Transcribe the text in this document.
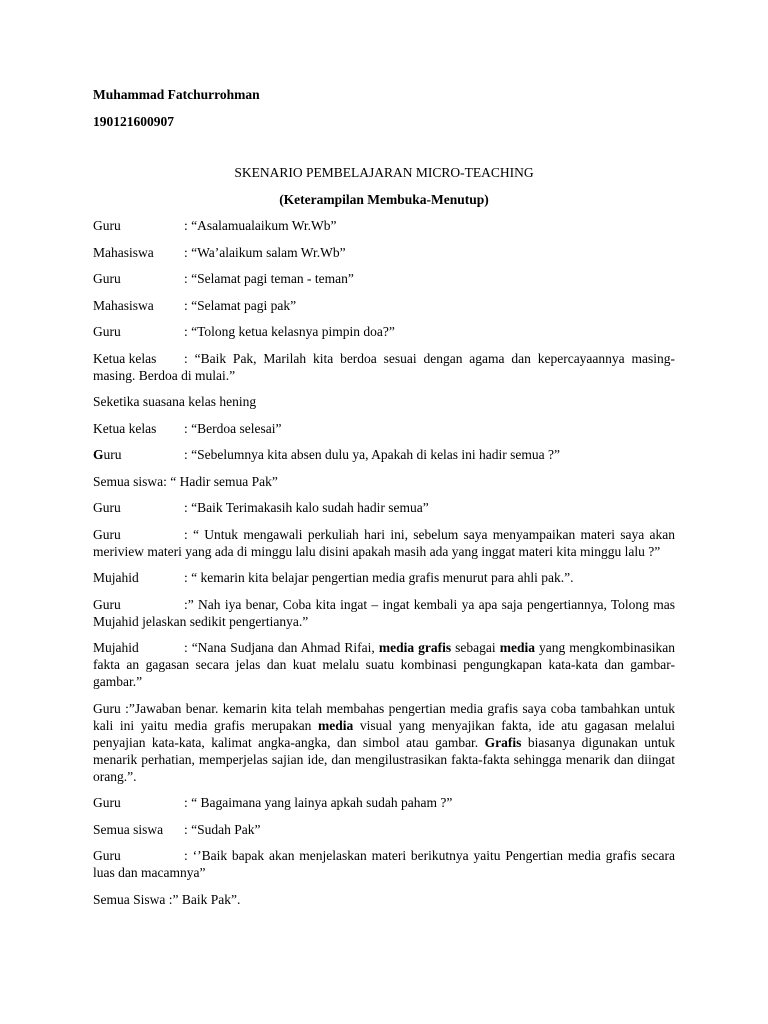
Muhammad Fatchurrohman
190121600907
SKENARIO PEMBELAJARAN MICRO-TEACHING
(Keterampilan Membuka-Menutup)
Guru	: “Asalamualaikum Wr.Wb”
Mahasiswa : “Wa’alaikum salam Wr.Wb”
Guru	: “Selamat pagi teman - teman”
Mahasiswa : “Selamat pagi pak”
Guru	: “Tolong ketua kelasnya pimpin doa?”
Ketua kelas : “Baik Pak, Marilah kita berdoa sesuai dengan agama dan kepercayaannya masing-masing. Berdoa di mulai.”
Seketika suasana kelas hening
Ketua kelas : “Berdoa selesai”
Guru	: “Sebelumnya kita absen dulu ya, Apakah di kelas ini hadir semua ?”
Semua siswa: “ Hadir semua Pak”
Guru	: “Baik Terimakasih kalo sudah hadir semua”
Guru	: “ Untuk mengawali perkuliah hari ini, sebelum saya menyampaikan materi saya akan meriview materi yang ada di minggu lalu disini apakah masih ada yang inggat materi kita minggu lalu ?”
Mujahid	: “ kemarin kita belajar pengertian media grafis menurut para ahli pak.”.
Guru	:” Nah iya benar, Coba kita ingat – ingat kembali ya apa saja pengertiannya, Tolong mas Mujahid jelaskan sedikit pengertianya.”
Mujahid	: “Nana Sudjana dan Ahmad Rifai, media grafis sebagai media yang mengkombinasikan fakta an gagasan secara jelas dan kuat melalu suatu kombinasi pengungkapan kata-kata dan gambar-gambar.”
Guru :”Jawaban benar. kemarin kita telah membahas pengertian media grafis saya coba tambahkan untuk kali ini yaitu media grafis merupakan media visual yang menyajikan fakta, ide atu gagasan melalui penyajian kata-kata, kalimat angka-angka, dan simbol atau gambar. Grafis biasanya digunakan untuk menarik perhatian, memperjelas sajian ide, dan mengilustrasikan fakta-fakta sehingga menarik dan diingat orang.”.
Guru	: “ Bagaimana yang lainya apkah sudah paham ?”
Semua siswa : “Sudah Pak”
Guru	: ‘’Baik bapak akan menjelaskan materi berikutnya yaitu Pengertian media grafis secara luas dan macamnya”
Semua Siswa :” Baik Pak”.
